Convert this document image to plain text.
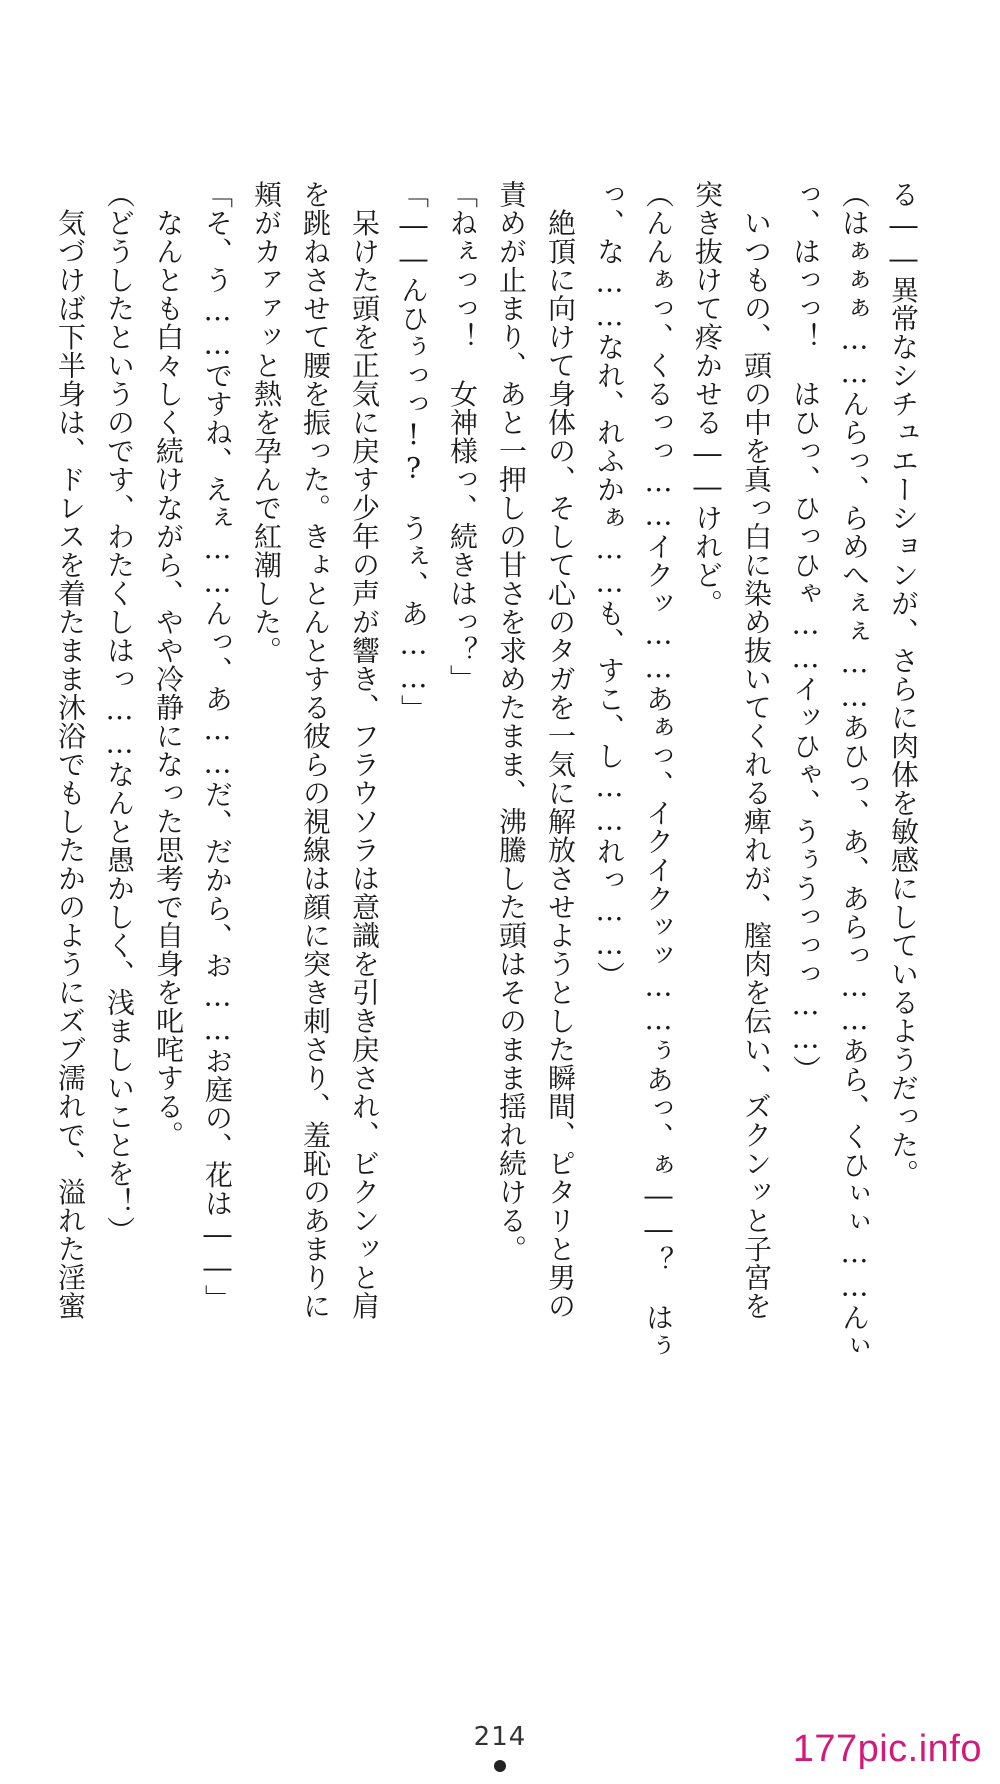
る――異常なシチュエーションが、さらに肉体を敏感にしているようだった。

（はぁぁぁ……んらっ、らめへぇぇ……あひっ、あ、あらっ……あら、くひぃぃ……んぃ

っ、はっっ！　はひっ、ひっひゃ……イッひゃ、うぅうっっっ……）

　いつもの、頭の中を真っ白に染め抜いてくれる痺れが、膣肉を伝い、ズクンッと子宮を

突き抜けて疼かせる――けれど。

（んんぁっ、くるっっ……イクッ……あぁっ、イクイクッッ……ぅあっ、ぁ――？　はぅ

っ、な……なれ、れふかぁ……も、すこ、し……れっ……）

　絶頂に向けて身体の、そして心のタガを一気に解放させようとした瞬間、ピタリと男の

責めが止まり、あと一押しの甘さを求めたまま、沸騰した頭はそのまま揺れ続ける。

「ねぇっっ！　女神様っ、続きはっ？」

「――んひぅっっ!?　うぇ、あ……」

　呆けた頭を正気に戻す少年の声が響き、フラウソラは意識を引き戻され、ビクンッと肩

を跳ねさせて腰を振った。きょとんとする彼らの視線は顔に突き刺さり、羞恥のあまりに

頬がカァァッと熱を孕んで紅潮した。

「そ、う……ですね、えぇ……んっ、あ……だ、だから、お……お庭の、花は――」

　なんとも白々しく続けながら、やや冷静になった思考で自身を叱咤する。

（どうしたというのです、わたくしはっ……なんと愚かしく、浅ましいことを！）

　気づけば下半身は、ドレスを着たまま沐浴でもしたかのようにズブ濡れで、溢れた淫蜜

214	177pic.info
